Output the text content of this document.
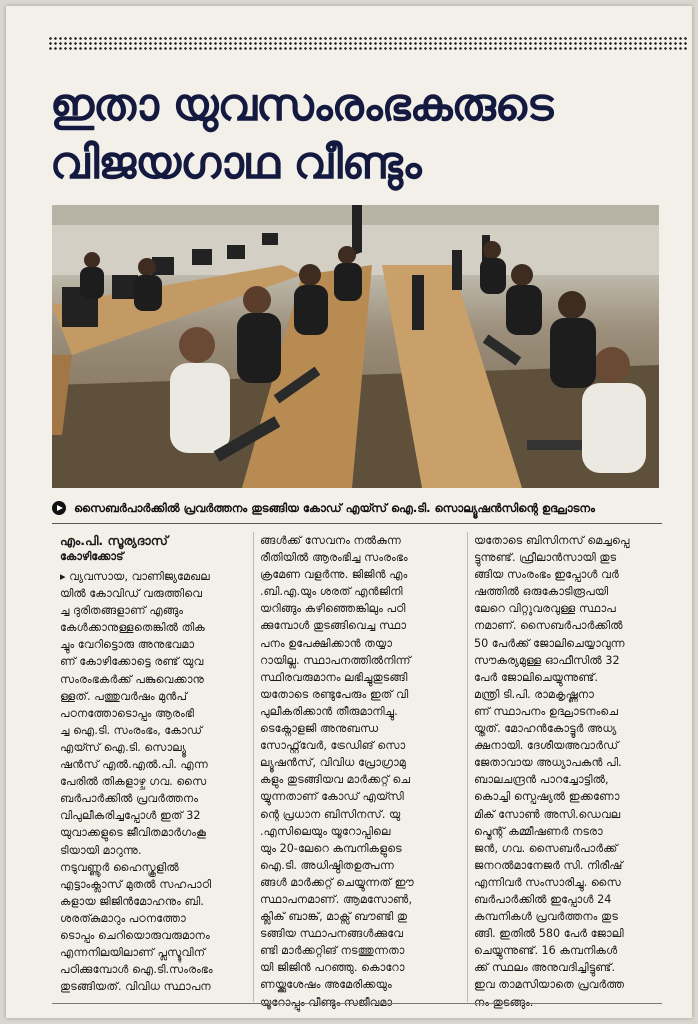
ഇതാ യുവസംരംഭകരുടെ
വിജയഗാഥ വീണ്ടും
സൈബർപാർക്കിൽ പ്രവർത്തനം തുടങ്ങിയ കോഡ് എയ്സ് ഐ.ടി. സൊല്യൂഷൻസിന്റെ ഉദ്ഘാടനം
എം.പി. സൂര്യദാസ്
കോഴിക്കോട്

▸ വ്യവസായ, വാണിജ്യമേഖല
യിൽ കോവിഡ് വരുത്തിവെ
ച്ച ദുരിതങ്ങളാണ് എങ്ങും
കേൾക്കാനുള്ളതെങ്കിൽ തിക
ച്ചും വേറിട്ടൊരു അനുഭവമാ
ണ് കോഴിക്കോട്ടെ രണ്ട് യുവ
സംരംഭകർക്ക് പങ്കുവെക്കാനു
ള്ളത്. പത്തുവർഷം മുൻപ്
പഠനത്തോടൊപ്പം ആരംഭി
ച്ച ഐ.ടി. സംരംഭം, കോഡ്
എയ്സ് ഐ.ടി. സൊല്യൂ
ഷൻസ് എൽ.എൽ.പി. എന്ന
പേരിൽ തികളാഴ്ച ഗവ. സൈ
ബർപാർക്കിൽ പ്രവർത്തനം
വിപുലീകരിച്ചപ്പോൾ ഇത് 32
യുവാക്കളുടെ ജീവിതമാർഗംകൂ
ടിയായി മാറുന്നു.

നടുവണ്ണൂർ ഹൈസ്കൂളിൽ
എട്ടാംക്ലാസ് മുതൽ സഹപാഠി
കളായ ജിജിൻമോഹനും ബി.
ശരത്കുമാറും പഠനത്തോ
ടൊപ്പം ചെറിയൊരുവരുമാനം
എന്നനിലയിലാണ് പ്ലസ്ടുവിന്
പഠിക്കുമ്പോൾ ഐ.ടി.സംരംഭം
തുടങ്ങിയത്. വിവിധ സ്ഥാപന

ങ്ങൾക്ക് സേവനം നൽകുന്ന
രീതിയിൽ ആരംഭിച്ച സംരംഭം
ക്രമേണ വളർന്നു. ജിജിൻ എം
.ബി.എ.യും ശരത് എൻജിനി
യറിങ്ങും കഴിഞ്ഞെങ്കിലും പഠി
ക്കുമ്പോൾ തുടങ്ങിവെച്ച സ്ഥാ
പനം ഉപേക്ഷിക്കാൻ തയ്യാ
റായില്ല. സ്ഥാപനത്തിൽനിന്ന്
സ്ഥിരവരുമാനം ലഭിച്ചുതുടങ്ങി
യതോടെ രണ്ടുപേരും ഇത് വി
പുലീകരിക്കാൻ തീരുമാനിച്ചു.

ടെക്നോളജി അനുബന്ധ
സോഫ്റ്റ്‌വേർ, ട്രേഡിങ് സൊ
ല്യൂഷൻസ്, വിവിധ പ്രോഗ്രാമു
കളും തുടങ്ങിയവ മാർക്കറ്റ് ചെ
യ്യുന്നതാണ് കോഡ് എയ്സി
ന്റെ പ്രധാന ബിസിനസ്. യു
.എസിലെയും യൂറോപ്പിലെ
യും 20-ലേറെ കമ്പനികളുടെ
ഐ.ടി. അധിഷ്ഠിതഉത്പന്ന
ങ്ങൾ മാർക്കറ്റ് ചെയ്യുന്നത് ഈ
സ്ഥാപനമാണ്. ആമസോൺ,
ക്ലിക് ബാങ്ക്, മാക്സ് ബൗണ്ടി തു
ടങ്ങിയ സ്ഥാപനങ്ങൾക്കുവേ
ണ്ടി മാർക്കറ്റിങ് നടത്തുന്നതാ
യി ജിജിൻ പറഞ്ഞു. കൊറോ
ണയ്ക്കുശേഷം അമേരിക്കയും

യതോടെ ബിസിനസ് മെച്ചപ്പെ
ട്ടുന്നുണ്ട്. ഫ്രീലാൻസായി തുട
ങ്ങിയ സംരംഭം ഇപ്പോൾ വർ
ഷത്തിൽ ഒരുകോടിരൂപയി
ലേറെ വിറ്റുവരവുള്ള സ്ഥാപ
നമാണ്. സൈബർപാർക്കിൽ
50 പേർക്ക് ജോലിചെയ്യാവുന്ന
സൗകര്യമുള്ള ഓഫീസിൽ 32
പേർ ജോലിചെയ്യുന്നുണ്ട്.

മന്ത്രി ടി.പി. രാമകൃഷ്ണനാ
ണ് സ്ഥാപനം ഉദ്ഘാടനംചെ
യ്തത്. മോഹൻകോട്ടൂർ അധ്യ
ക്ഷനായി. ദേശീയഅവാർഡ്
ജേതാവായ അധ്യാപകൻ പി.
ബാലചന്ദ്രൻ പാറച്ചോട്ടിൽ,
കൊച്ചി സ്പെഷ്യൽ ഇക്കണോ
മിക് സോൺ അസി.ഡെവല
പ്മെന്റ് കമ്മീഷണർ നടരാ
ജൻ, ഗവ. സൈബർപാർക്ക്
ജനറൽമാനേജർ സി. നിരീഷ്
എന്നിവർ സംസാരിച്ചു. സൈ
ബർപാർക്കിൽ ഇപ്പോൾ 24
കമ്പനികൾ പ്രവർത്തനം തുട
ങ്ങി. ഇതിൽ 580 പേർ ജോലി
ചെയ്യുന്നുണ്ട്. 16 കമ്പനികൾ
ക്ക് സ്ഥലം അനുവദിച്ചിട്ടുണ്ട്.
ഇവ താമസിയാതെ പ്രവർത്ത
